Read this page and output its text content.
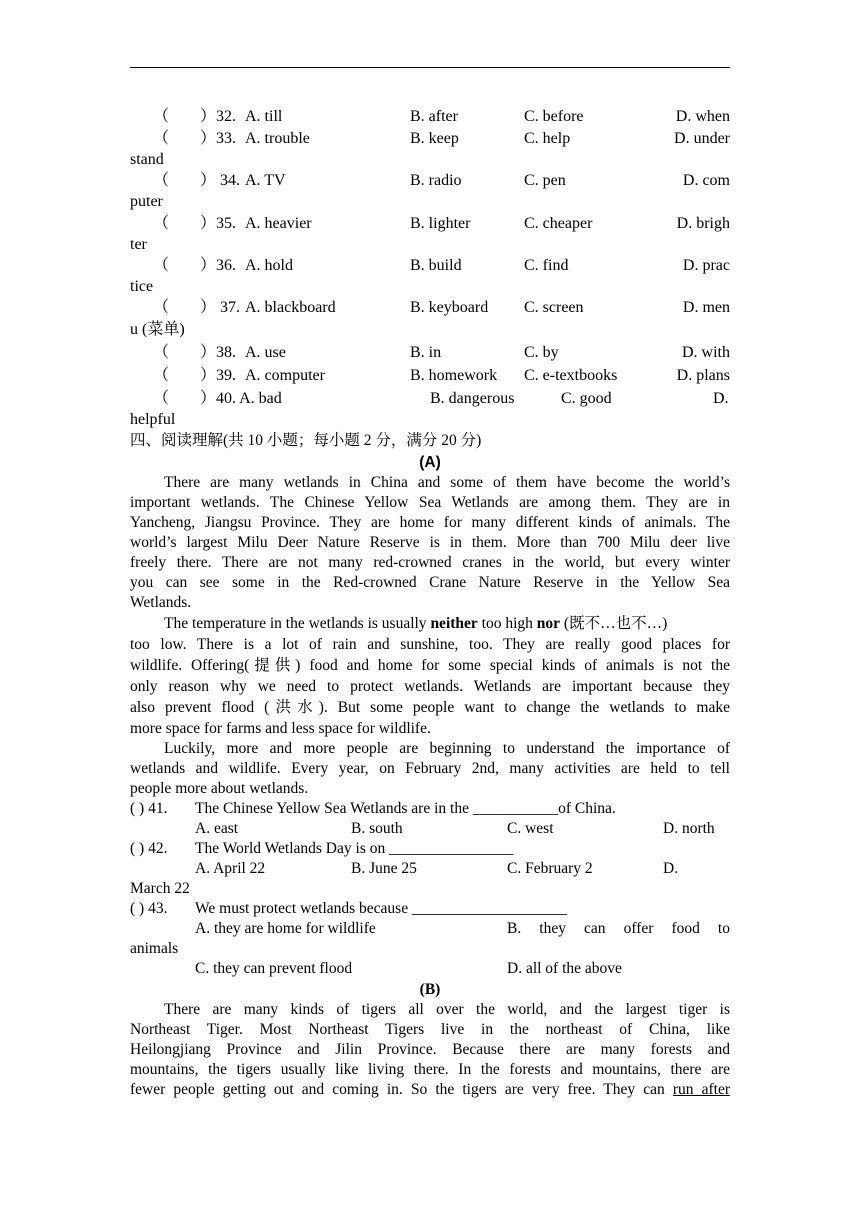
（ ）32. A. till	B. after	C. before	D. when
（ ）33. A. trouble	B. keep	C. help	D. under
stand
（ ） 34. A. TV	B. radio	C. pen	D. com
puter
（ ）35. A. heavier	B. lighter	C. cheaper	D. brigh
ter
（ ）36. A. hold	B. build	C. find	D. prac
tice
（ ） 37. A. blackboard	B. keyboard C. screen	D. men
u (菜单)
（ ）38. A. use	B. in	C. by	D. with
（ ）39. A. computer	B. homework C. e-textbooks	D. plans
（ ）40. A. bad	B. dangerous	C. good	D.
helpful
四、阅读理解(共 10 小题；每小题 2 分，满分 20 分)
(A)
There are many wetlands in China and some of them have become the world’s
important wetlands. The Chinese Yellow Sea Wetlands are among them. They are in
Yancheng, Jiangsu Province. They are home for many different kinds of animals. The
world’s largest Milu Deer Nature Reserve is in them. More than 700 Milu deer live
freely there. There are not many red-crowned cranes in the world, but every winter
you can see some in the Red-crowned Crane Nature Reserve in the Yellow Sea
Wetlands.
The temperature in the wetlands is usually neither too high nor (既不…也不…)
too low. There is a lot of rain and sunshine, too. They are really good places for
wildlife. Offering(提供) food and home for some special kinds of animals is not the
only reason why we need to protect wetlands. Wetlands are important because they
also prevent flood (洪水). But some people want to change the wetlands to make
more space for farms and less space for wildlife.
Luckily, more and more people are beginning to understand the importance of
wetlands and wildlife. Every year, on February 2nd, many activities are held to tell
people more about wetlands.
( ) 41. The Chinese Yellow Sea Wetlands are in the ___________of China.
A. east	B. south	C. west	D. north
( ) 42. The World Wetlands Day is on ________________
A. April 22	B. June 25	C. February 2	D.
March 22
( ) 43. We must protect wetlands because ____________________
A. they are home for wildlife	B. they can offer food to
animals
C. they can prevent flood	D. all of the above
(B)
There are many kinds of tigers all over the world, and the largest tiger is
Northeast Tiger. Most Northeast Tigers live in the northeast of China, like
Heilongjiang Province and Jilin Province. Because there are many forests and
mountains, the tigers usually like living there. In the forests and mountains, there are
fewer people getting out and coming in. So the tigers are very free. They can run after
